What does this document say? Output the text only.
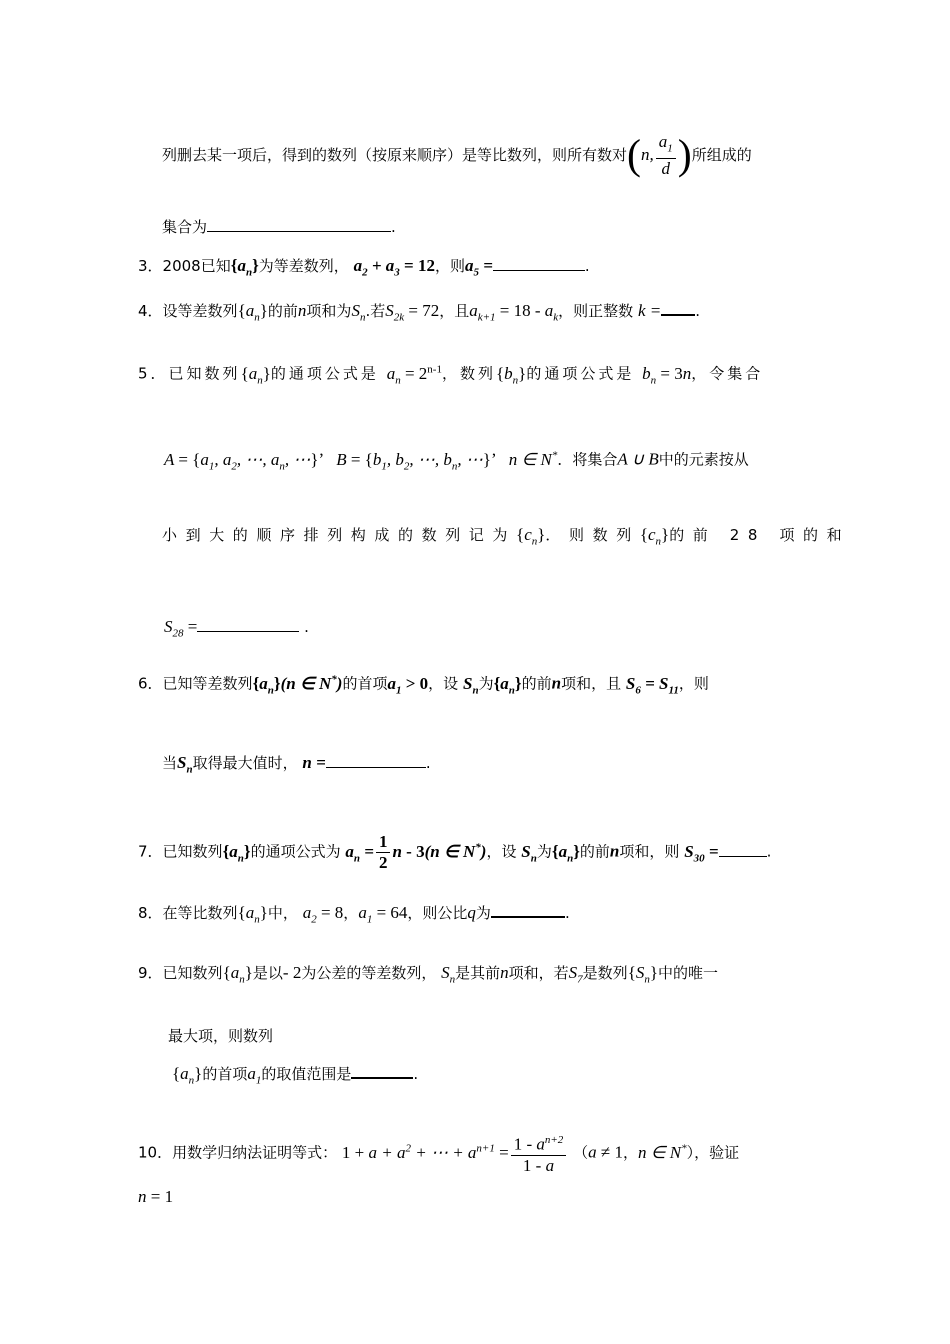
列删去某一项后，得到的数列（按原来顺序）是等比数列，则所有数对(n, $\frac{a_1}{d}$ )所组成的
集合为	.
3．2008已知$\{a_n\}$为等差数列， $a_2 + a_3 = 12$，则$a_5$ =	.
4．设等差数列$\{a_n\}$的前n项和为$S_n$.若$S_{2k} = 72$，且$a_{k+1} = 18 - a_k$，则正整数 k = .
5．已知数列$\{a_n\}$的通项公式是 $a_n = 2^{n-1}$，数列$\{b_n\}$的通项公式是 $b_n = 3n$，令集合
$A = \{a_1$, $a_2$, ⋯, $a_n$, ⋯}’   $B = \{b_1$, $b_2$, ⋯, $b_n$, ⋯}’   n ∈ N*．将集合A ∪ B中的元素按从
小到大的顺序排列构成的数列记为$\{c_n\}$．则数列$\{c_n\}$的前 28 项的和
$S_{28}$ =	.
6．已知等差数列$\{a_n\}(n$ ∈ N*)的首项$a_1 > 0$，设 $S_n$为$\{a_n\}$的前n项和，且 $S_6 = S_{11}$，则
当$S_n$取得最大值时， n =	.
7．已知数列$\{a_n\}$的通项公式为 $a_n = \frac{1}{2}$ n - 3(n ∈ N*)，设 $S_n$为$\{a_n\}$的前n项和，则 $S_{30}$ =	.
8．在等比数列$\{a_n\}$中， $a_2 = 8$，$a_1 = 64$，则公比q为	.
9．已知数列$\{a_n\}$是以- 2为公差的等差数列， $S_n$是其前n项和，若$S_7$是数列$\{S_n\}$中的唯一
最大项，则数列
$\{a_n\}$的首项$a_1$的取值范围是	.
10．用数学归纳法证明等式： $1 + a + a^2$ + ⋯ + $a^{n+1} = \frac{1 - a^{n+2}}{1 - a} (a \ne 1$，n ∈ N*），验证
n = 1
